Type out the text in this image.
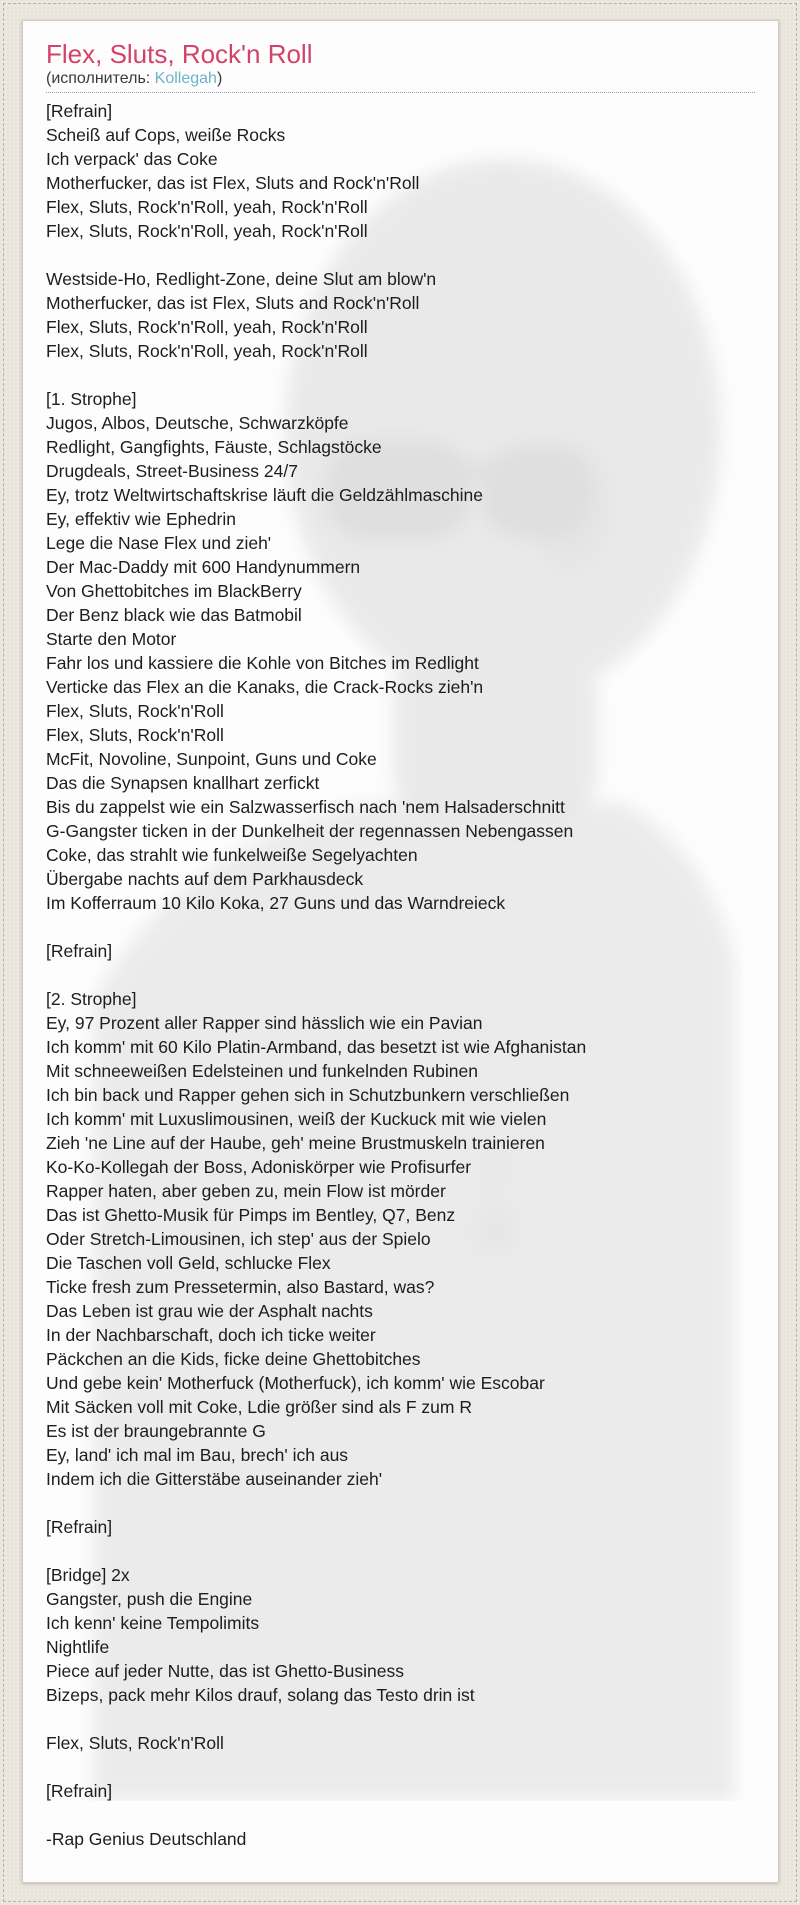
Flex, Sluts, Rock'n Roll
(исполнитель: Kollegah)
[Refrain]
Scheiß auf Cops, weiße Rocks
Ich verpack' das Coke
Motherfucker, das ist Flex, Sluts and Rock'n'Roll
Flex, Sluts, Rock'n'Roll, yeah, Rock'n'Roll
Flex, Sluts, Rock'n'Roll, yeah, Rock'n'Roll
Westside-Ho, Redlight-Zone, deine Slut am blow'n
Motherfucker, das ist Flex, Sluts and Rock'n'Roll
Flex, Sluts, Rock'n'Roll, yeah, Rock'n'Roll
Flex, Sluts, Rock'n'Roll, yeah, Rock'n'Roll
[1. Strophe]
Jugos, Albos, Deutsche, Schwarzköpfe
Redlight, Gangfights, Fäuste, Schlagstöcke
Drugdeals, Street-Business 24/7
Ey, trotz Weltwirtschaftskrise läuft die Geldzählmaschine
Ey, effektiv wie Ephedrin
Lege die Nase Flex und zieh'
Der Mac-Daddy mit 600 Handynummern
Von Ghettobitches im BlackBerry
Der Benz black wie das Batmobil
Starte den Motor
Fahr los und kassiere die Kohle von Bitches im Redlight
Verticke das Flex an die Kanaks, die Crack-Rocks zieh'n
Flex, Sluts, Rock'n'Roll
Flex, Sluts, Rock'n'Roll
McFit, Novoline, Sunpoint, Guns und Coke
Das die Synapsen knallhart zerfickt
Bis du zappelst wie ein Salzwasserfisch nach 'nem Halsaderschnitt
G-Gangster ticken in der Dunkelheit der regennassen Nebengassen
Coke, das strahlt wie funkelweiße Segelyachten
Übergabe nachts auf dem Parkhausdeck
Im Kofferraum 10 Kilo Koka, 27 Guns und das Warndreieck
[Refrain]
[2. Strophe]
Ey, 97 Prozent aller Rapper sind hässlich wie ein Pavian
Ich komm' mit 60 Kilo Platin-Armband, das besetzt ist wie Afghanistan
Mit schneeweißen Edelsteinen und funkelnden Rubinen
Ich bin back und Rapper gehen sich in Schutzbunkern verschließen
Ich komm' mit Luxuslimousinen, weiß der Kuckuck mit wie vielen
Zieh 'ne Line auf der Haube, geh' meine Brustmuskeln trainieren
Ko-Ko-Kollegah der Boss, Adoniskörper wie Profisurfer
Rapper haten, aber geben zu, mein Flow ist mörder
Das ist Ghetto-Musik für Pimps im Bentley, Q7, Benz
Oder Stretch-Limousinen, ich step' aus der Spielo
Die Taschen voll Geld, schlucke Flex
Ticke fresh zum Pressetermin, also Bastard, was?
Das Leben ist grau wie der Asphalt nachts
In der Nachbarschaft, doch ich ticke weiter
Päckchen an die Kids, ficke deine Ghettobitches
Und gebe kein' Motherfuck (Motherfuck), ich komm' wie Escobar
Mit Säcken voll mit Coke, Ldie größer sind als F zum R
Es ist der braungebrannte G
Ey, land' ich mal im Bau, brech' ich aus
Indem ich die Gitterstäbe auseinander zieh'
[Refrain]
[Bridge] 2x
Gangster, push die Engine
Ich kenn' keine Tempolimits
Nightlife
Piece auf jeder Nutte, das ist Ghetto-Business
Bizeps, pack mehr Kilos drauf, solang das Testo drin ist
Flex, Sluts, Rock'n'Roll
[Refrain]
-Rap Genius Deutschland
